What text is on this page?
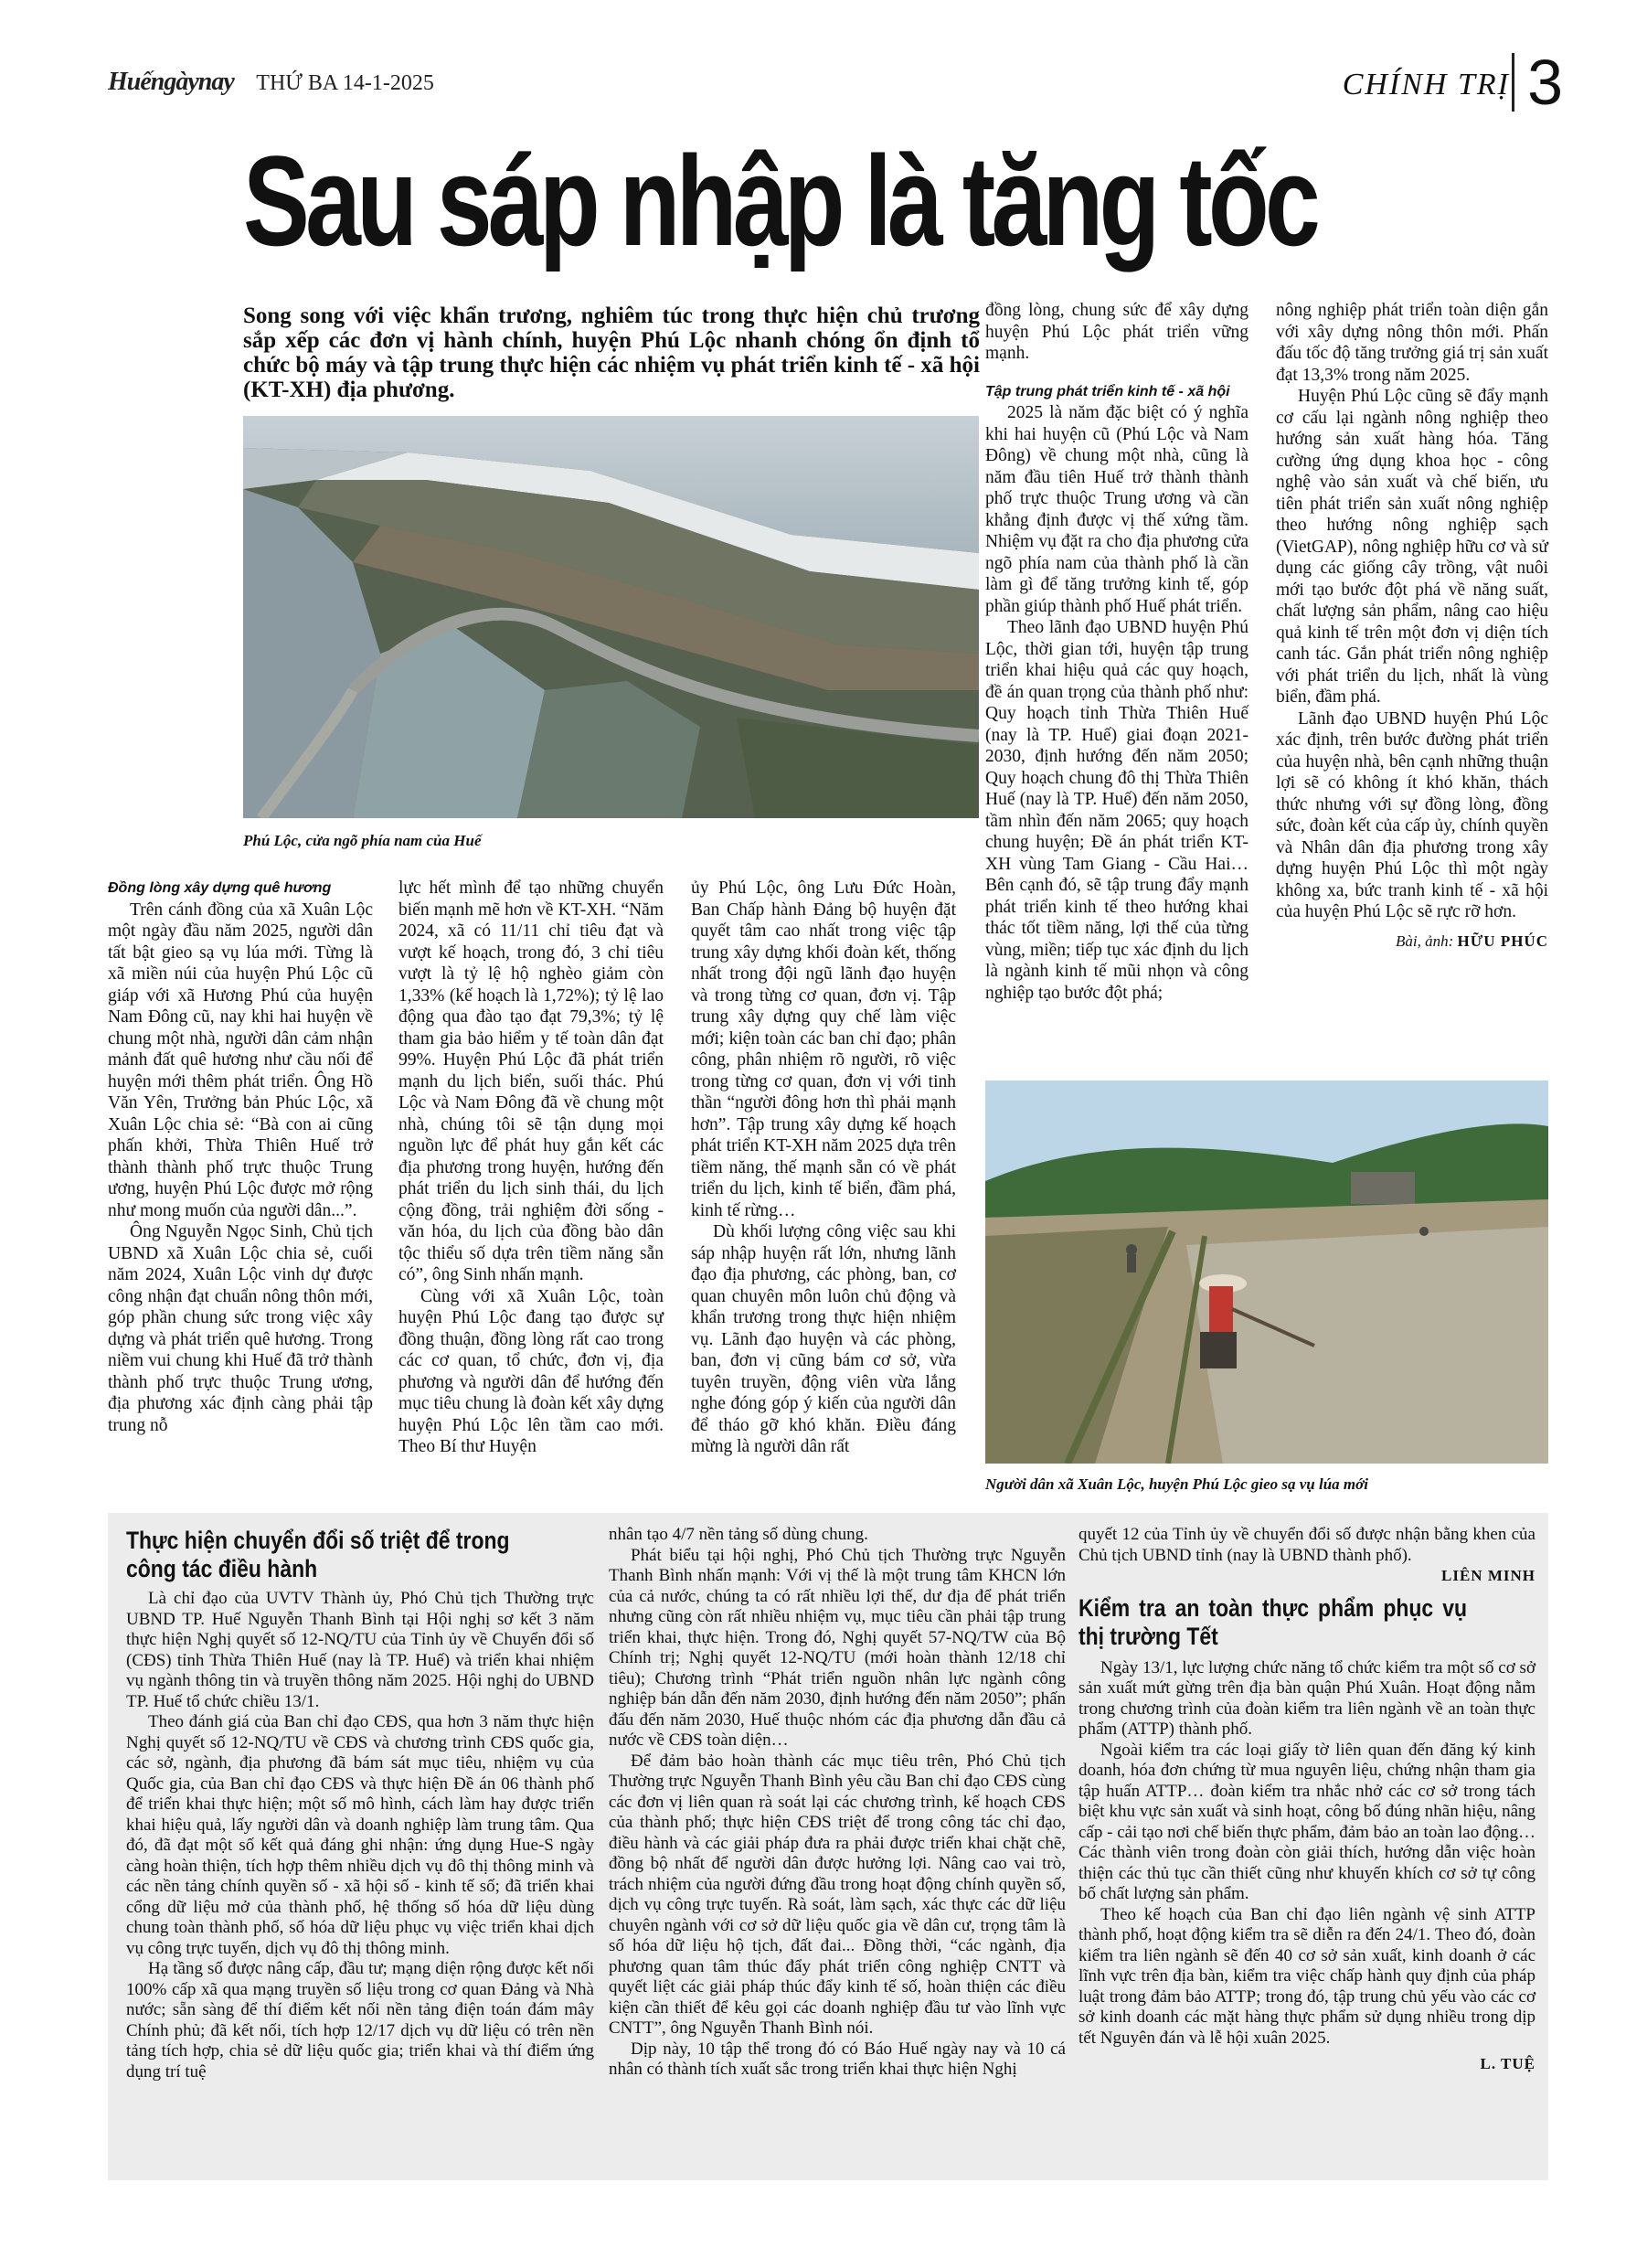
Huếngàynay THỨ BA 14-1-2025	CHÍNH TRỊ 3
Sau sáp nhập là tăng tốc
Song song với việc khẩn trương, nghiêm túc trong thực hiện chủ trương sắp xếp các đơn vị hành chính, huyện Phú Lộc nhanh chóng ổn định tổ chức bộ máy và tập trung thực hiện các nhiệm vụ phát triển kinh tế - xã hội (KT-XH) địa phương.
Phú Lộc, cửa ngõ phía nam của Huế

Đồng lòng xây dựng quê hương

Trên cánh đồng của xã Xuân Lộc một ngày đầu năm 2025, người dân tất bật gieo sạ vụ lúa mới. Từng là xã miền núi của huyện Phú Lộc cũ giáp với xã Hương Phú của huyện Nam Đông cũ, nay khi hai huyện về chung một nhà, người dân cảm nhận mảnh đất quê hương như cầu nối để huyện mới thêm phát triển. Ông Hồ Văn Yên, Trưởng bản Phúc Lộc, xã Xuân Lộc chia sẻ: “Bà con ai cũng phấn khởi, Thừa Thiên Huế trở thành thành phố trực thuộc Trung ương, huyện Phú Lộc được mở rộng như mong muốn của người dân...”.

Ông Nguyễn Ngọc Sinh, Chủ tịch UBND xã Xuân Lộc chia sẻ, cuối năm 2024, Xuân Lộc vinh dự được công nhận đạt chuẩn nông thôn mới, góp phần chung sức trong việc xây dựng và phát triển quê hương. Trong niềm vui chung khi Huế đã trở thành thành phố trực thuộc Trung ương, địa phương xác định càng phải tập trung nỗ

lực hết mình để tạo những chuyển biến mạnh mẽ hơn về KT-XH. “Năm 2024, xã có 11/11 chỉ tiêu đạt và vượt kế hoạch, trong đó, 3 chỉ tiêu vượt là tỷ lệ hộ nghèo giảm còn 1,33% (kế hoạch là 1,72%); tỷ lệ lao động qua đào tạo đạt 79,3%; tỷ lệ tham gia bảo hiểm y tế toàn dân đạt 99%. Huyện Phú Lộc đã phát triển mạnh du lịch biển, suối thác. Phú Lộc và Nam Đông đã về chung một nhà, chúng tôi sẽ tận dụng mọi nguồn lực để phát huy gắn kết các địa phương trong huyện, hướng đến phát triển du lịch sinh thái, du lịch cộng đồng, trải nghiệm đời sống - văn hóa, du lịch của đồng bào dân tộc thiểu số dựa trên tiềm năng sẵn có”, ông Sinh nhấn mạnh.

Cùng với xã Xuân Lộc, toàn huyện Phú Lộc đang tạo được sự đồng thuận, đồng lòng rất cao trong các cơ quan, tổ chức, đơn vị, địa phương và người dân để hướng đến mục tiêu chung là đoàn kết xây dựng huyện Phú Lộc lên tầm cao mới. Theo Bí thư Huyện

ủy Phú Lộc, ông Lưu Đức Hoàn, Ban Chấp hành Đảng bộ huyện đặt quyết tâm cao nhất trong việc tập trung xây dựng khối đoàn kết, thống nhất trong đội ngũ lãnh đạo huyện và trong từng cơ quan, đơn vị. Tập trung xây dựng quy chế làm việc mới; kiện toàn các ban chỉ đạo; phân công, phân nhiệm rõ người, rõ việc trong từng cơ quan, đơn vị với tinh thần “người đông hơn thì phải mạnh hơn”. Tập trung xây dựng kế hoạch phát triển KT-XH năm 2025 dựa trên tiềm năng, thế mạnh sẵn có về phát triển du lịch, kinh tế biển, đầm phá, kinh tế rừng…

Dù khối lượng công việc sau khi sáp nhập huyện rất lớn, nhưng lãnh đạo địa phương, các phòng, ban, cơ quan chuyên môn luôn chủ động và khẩn trương trong thực hiện nhiệm vụ. Lãnh đạo huyện và các phòng, ban, đơn vị cũng bám cơ sở, vừa tuyên truyền, động viên vừa lắng nghe đóng góp ý kiến của người dân để tháo gỡ khó khăn. Điều đáng mừng là người dân rất

đồng lòng, chung sức để xây dựng huyện Phú Lộc phát triển vững mạnh.

Tập trung phát triển kinh tế - xã hội

2025 là năm đặc biệt có ý nghĩa khi hai huyện cũ (Phú Lộc và Nam Đông) về chung một nhà, cũng là năm đầu tiên Huế trở thành thành phố trực thuộc Trung ương và cần khẳng định được vị thế xứng tầm. Nhiệm vụ đặt ra cho địa phương cửa ngõ phía nam của thành phố là cần làm gì để tăng trưởng kinh tế, góp phần giúp thành phố Huế phát triển.

Theo lãnh đạo UBND huyện Phú Lộc, thời gian tới, huyện tập trung triển khai hiệu quả các quy hoạch, đề án quan trọng của thành phố như: Quy hoạch tỉnh Thừa Thiên Huế (nay là TP. Huế) giai đoạn 2021-2030, định hướng đến năm 2050; Quy hoạch chung đô thị Thừa Thiên Huế (nay là TP. Huế) đến năm 2050, tầm nhìn đến năm 2065; quy hoạch chung huyện; Đề án phát triển KT-XH vùng Tam Giang - Cầu Hai… Bên cạnh đó, sẽ tập trung đẩy mạnh phát triển kinh tế theo hướng khai thác tốt tiềm năng, lợi thế của từng vùng, miền; tiếp tục xác định du lịch là ngành kinh tế mũi nhọn và công nghiệp tạo bước đột phá;

nông nghiệp phát triển toàn diện gắn với xây dựng nông thôn mới. Phấn đấu tốc độ tăng trưởng giá trị sản xuất đạt 13,3% trong năm 2025.

Huyện Phú Lộc cũng sẽ đẩy mạnh cơ cấu lại ngành nông nghiệp theo hướng sản xuất hàng hóa. Tăng cường ứng dụng khoa học - công nghệ vào sản xuất và chế biến, ưu tiên phát triển sản xuất nông nghiệp theo hướng nông nghiệp sạch (VietGAP), nông nghiệp hữu cơ và sử dụng các giống cây trồng, vật nuôi mới tạo bước đột phá về năng suất, chất lượng sản phẩm, nâng cao hiệu quả kinh tế trên một đơn vị diện tích canh tác. Gắn phát triển nông nghiệp với phát triển du lịch, nhất là vùng biển, đầm phá.

Lãnh đạo UBND huyện Phú Lộc xác định, trên bước đường phát triển của huyện nhà, bên cạnh những thuận lợi sẽ có không ít khó khăn, thách thức nhưng với sự đồng lòng, đồng sức, đoàn kết của cấp ủy, chính quyền và Nhân dân địa phương trong xây dựng huyện Phú Lộc thì một ngày không xa, bức tranh kinh tế - xã hội của huyện Phú Lộc sẽ rực rỡ hơn.

Bài, ảnh: HỮU PHÚC
Người dân xã Xuân Lộc, huyện Phú Lộc gieo sạ vụ lúa mới
Thực hiện chuyển đổi số triệt để trong công tác điều hành

Là chỉ đạo của UVTV Thành ủy, Phó Chủ tịch Thường trực UBND TP. Huế Nguyễn Thanh Bình tại Hội nghị sơ kết 3 năm thực hiện Nghị quyết số 12-NQ/TU của Tỉnh ủy về Chuyển đổi số (CĐS) tỉnh Thừa Thiên Huế (nay là TP. Huế) và triển khai nhiệm vụ ngành thông tin và truyền thông năm 2025. Hội nghị do UBND TP. Huế tổ chức chiều 13/1.

Theo đánh giá của Ban chỉ đạo CĐS, qua hơn 3 năm thực hiện Nghị quyết số 12-NQ/TU về CĐS và chương trình CĐS quốc gia, các sở, ngành, địa phương đã bám sát mục tiêu, nhiệm vụ của Quốc gia, của Ban chỉ đạo CĐS và thực hiện Đề án 06 thành phố để triển khai thực hiện; một số mô hình, cách làm hay được triển khai hiệu quả, lấy người dân và doanh nghiệp làm trung tâm. Qua đó, đã đạt một số kết quả đáng ghi nhận: ứng dụng Hue-S ngày càng hoàn thiện, tích hợp thêm nhiều dịch vụ đô thị thông minh và các nền tảng chính quyền số - xã hội số - kinh tế số; đã triển khai cổng dữ liệu mở của thành phố, hệ thống số hóa dữ liệu dùng chung toàn thành phố, số hóa dữ liệu phục vụ việc triển khai dịch vụ công trực tuyến, dịch vụ đô thị thông minh.

Hạ tầng số được nâng cấp, đầu tư; mạng diện rộng được kết nối 100% cấp xã qua mạng truyền số liệu trong cơ quan Đảng và Nhà nước; sẵn sàng để thí điểm kết nối nền tảng điện toán đám mây Chính phủ; đã kết nối, tích hợp 12/17 dịch vụ dữ liệu có trên nền tảng tích hợp, chia sẻ dữ liệu quốc gia; triển khai và thí điểm ứng dụng trí tuệ

nhân tạo 4/7 nền tảng số dùng chung.

Phát biểu tại hội nghị, Phó Chủ tịch Thường trực Nguyễn Thanh Bình nhấn mạnh: Với vị thế là một trung tâm KHCN lớn của cả nước, chúng ta có rất nhiều lợi thế, dư địa để phát triển nhưng cũng còn rất nhiều nhiệm vụ, mục tiêu cần phải tập trung triển khai, thực hiện. Trong đó, Nghị quyết 57-NQ/TW của Bộ Chính trị; Nghị quyết 12-NQ/TU (mới hoàn thành 12/18 chỉ tiêu); Chương trình “Phát triển nguồn nhân lực ngành công nghiệp bán dẫn đến năm 2030, định hướng đến năm 2050”; phấn đấu đến năm 2030, Huế thuộc nhóm các địa phương dẫn đầu cả nước về CĐS toàn diện…

Để đảm bảo hoàn thành các mục tiêu trên, Phó Chủ tịch Thường trực Nguyễn Thanh Bình yêu cầu Ban chỉ đạo CĐS cùng các đơn vị liên quan rà soát lại các chương trình, kế hoạch CĐS của thành phố; thực hiện CĐS triệt để trong công tác chỉ đạo, điều hành và các giải pháp đưa ra phải được triển khai chặt chẽ, đồng bộ nhất để người dân được hưởng lợi. Nâng cao vai trò, trách nhiệm của người đứng đầu trong hoạt động chính quyền số, dịch vụ công trực tuyến. Rà soát, làm sạch, xác thực các dữ liệu chuyên ngành với cơ sở dữ liệu quốc gia về dân cư, trọng tâm là số hóa dữ liệu hộ tịch, đất đai... Đồng thời, “các ngành, địa phương quan tâm thúc đẩy phát triển công nghiệp CNTT và quyết liệt các giải pháp thúc đẩy kinh tế số, hoàn thiện các điều kiện cần thiết để kêu gọi các doanh nghiệp đầu tư vào lĩnh vực CNTT”, ông Nguyễn Thanh Bình nói.

Dịp này, 10 tập thể trong đó có Báo Huế ngày nay và 10 cá nhân có thành tích xuất sắc trong triển khai thực hiện Nghị

quyết 12 của Tỉnh ủy về chuyển đổi số được nhận bằng khen của Chủ tịch UBND tỉnh (nay là UBND thành phố).

LIÊN MINH
Kiểm tra an toàn thực phẩm phục vụ thị trường Tết

Ngày 13/1, lực lượng chức năng tổ chức kiểm tra một số cơ sở sản xuất mứt gừng trên địa bàn quận Phú Xuân. Hoạt động nằm trong chương trình của đoàn kiểm tra liên ngành về an toàn thực phẩm (ATTP) thành phố.

Ngoài kiểm tra các loại giấy tờ liên quan đến đăng ký kinh doanh, hóa đơn chứng từ mua nguyên liệu, chứng nhận tham gia tập huấn ATTP… đoàn kiểm tra nhắc nhở các cơ sở trong tách biệt khu vực sản xuất và sinh hoạt, công bố đúng nhãn hiệu, nâng cấp - cải tạo nơi chế biến thực phẩm, đảm bảo an toàn lao động… Các thành viên trong đoàn còn giải thích, hướng dẫn việc hoàn thiện các thủ tục cần thiết cũng như khuyến khích cơ sở tự công bố chất lượng sản phẩm.

Theo kế hoạch của Ban chỉ đạo liên ngành vệ sinh ATTP thành phố, hoạt động kiểm tra sẽ diễn ra đến 24/1. Theo đó, đoàn kiểm tra liên ngành sẽ đến 40 cơ sở sản xuất, kinh doanh ở các lĩnh vực trên địa bàn, kiểm tra việc chấp hành quy định của pháp luật trong đảm bảo ATTP; trong đó, tập trung chủ yếu vào các cơ sở kinh doanh các mặt hàng thực phẩm sử dụng nhiều trong dịp tết Nguyên đán và lễ hội xuân 2025.

L. TUỆ
